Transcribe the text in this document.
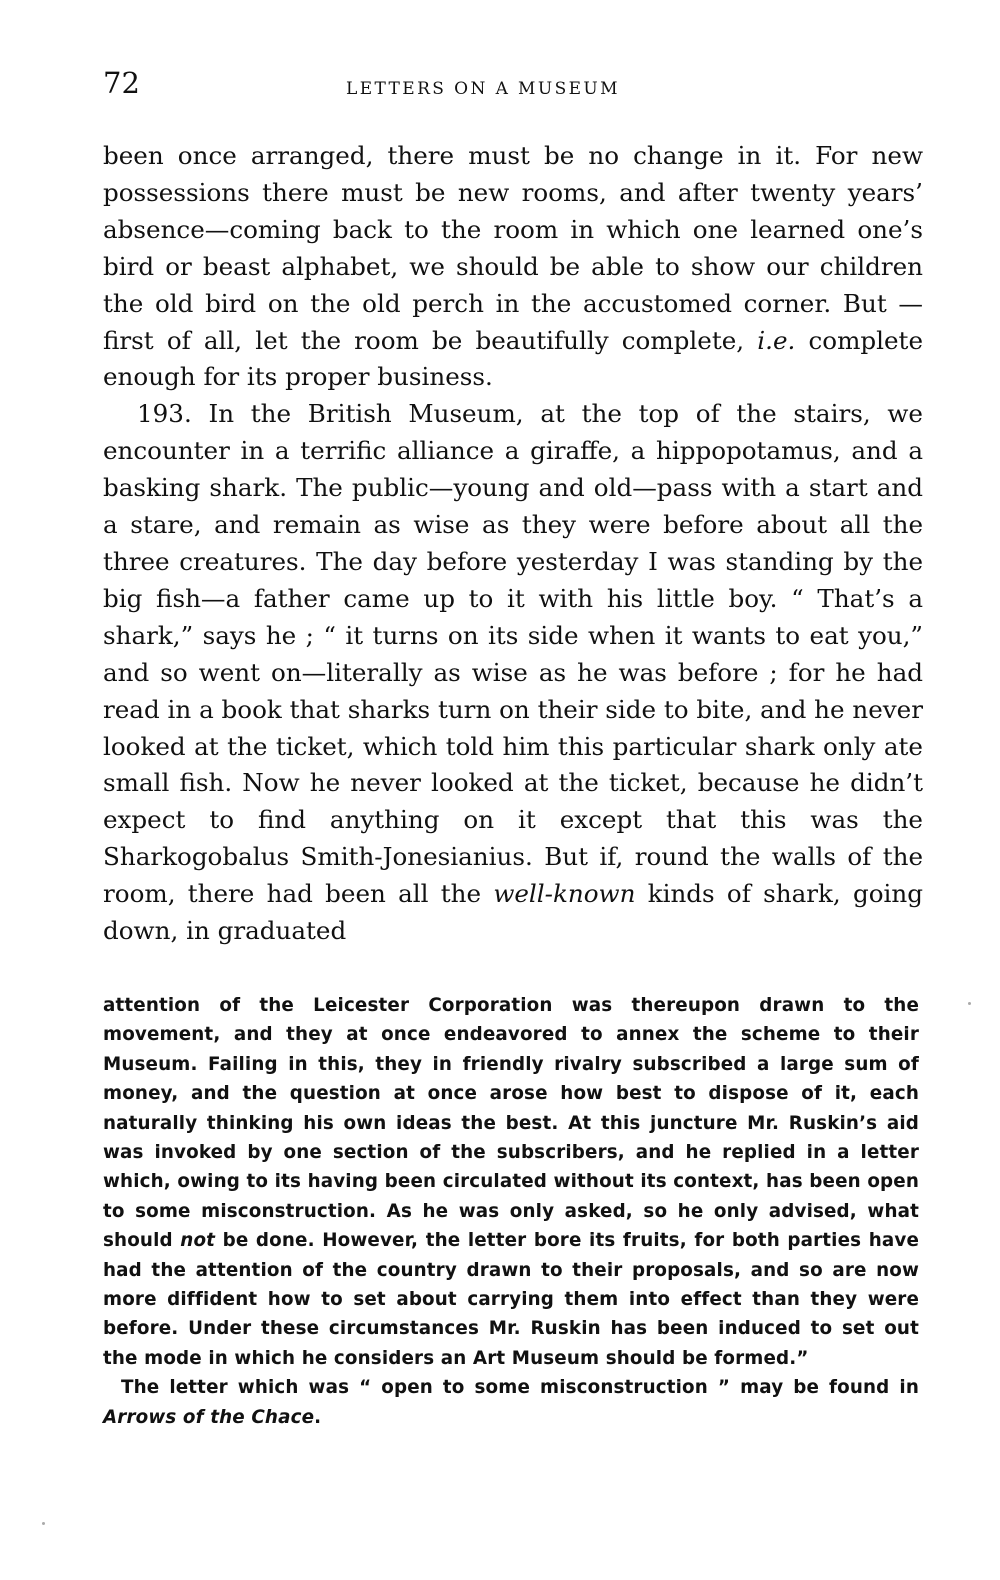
72	LETTERS ON A MUSEUM

been once arranged, there must be no change in it. For new possessions there must be new rooms, and after twenty years’ absence—coming back to the room in which one learned one’s bird or beast alphabet, we should be able to show our children the old bird on the old perch in the accustomed corner. But —first of all, let the room be beautifully complete, i.e. complete enough for its proper business.

193. In the British Museum, at the top of the stairs, we encounter in a terrific alliance a giraffe, a hippopotamus, and a basking shark. The public—young and old—pass with a start and a stare, and remain as wise as they were before about all the three creatures. The day before yesterday I was standing by the big fish—a father came up to it with his little boy. “ That’s a shark,” says he ; “ it turns on its side when it wants to eat you,” and so went on—literally as wise as he was before ; for he had read in a book that sharks turn on their side to bite, and he never looked at the ticket, which told him this particular shark only ate small fish. Now he never looked at the ticket, because he didn’t expect to find anything on it except that this was the Sharkogobalus Smith-Jonesianius. But if, round the walls of the room, there had been all the well-known kinds of shark, going down, in graduated

attention of the Leicester Corporation was thereupon drawn to the movement, and they at once endeavored to annex the scheme to their Museum. Failing in this, they in friendly rivalry subscribed a large sum of money, and the question at once arose how best to dispose of it, each naturally thinking his own ideas the best. At this juncture Mr. Ruskin’s aid was invoked by one section of the subscribers, and he replied in a letter which, owing to its having been circulated without its context, has been open to some misconstruction. As he was only asked, so he only advised, what should not be done. However, the letter bore its fruits, for both parties have had the attention of the country drawn to their proposals, and so are now more diffident how to set about carrying them into effect than they were before. Under these circumstances Mr. Ruskin has been induced to set out the mode in which he considers an Art Museum should be formed.”

The letter which was “ open to some misconstruction ” may be found in Arrows of the Chace.
